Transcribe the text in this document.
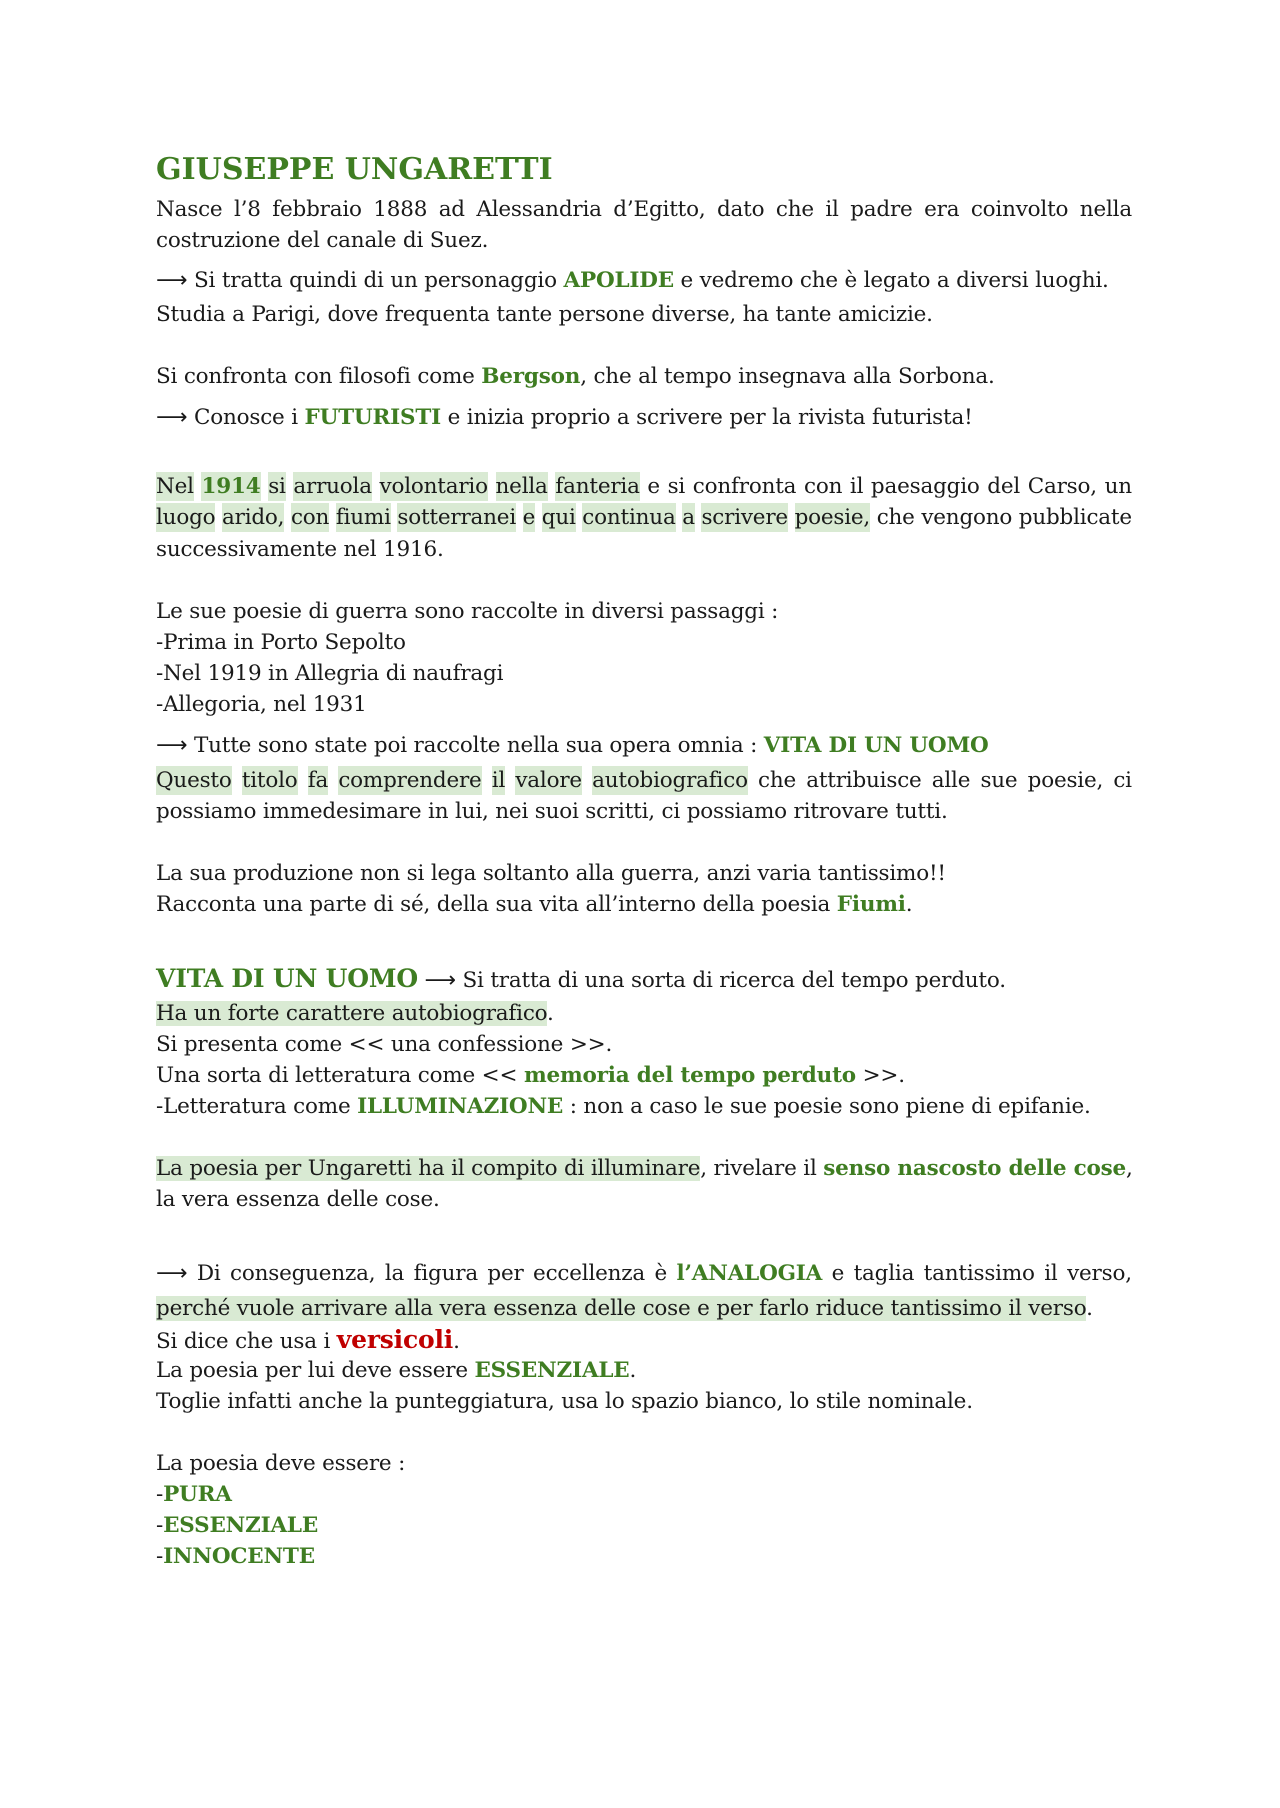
GIUSEPPE UNGARETTI
Nasce l’8 febbraio 1888 ad Alessandria d’Egitto, dato che il padre era coinvolto nella
costruzione del canale di Suez.
⟶ Si tratta quindi di un personaggio APOLIDE e vedremo che è legato a diversi luoghi.
Studia a Parigi, dove frequenta tante persone diverse, ha tante amicizie.
Si confronta con filosofi come Bergson, che al tempo insegnava alla Sorbona.
⟶ Conosce i FUTURISTI e inizia proprio a scrivere per la rivista futurista!
Nel 1914 si arruola volontario nella fanteria e si confronta con il paesaggio del Carso, un
luogo arido, con fiumi sotterranei e qui continua a scrivere poesie, che vengono pubblicate
successivamente nel 1916.
Le sue poesie di guerra sono raccolte in diversi passaggi :
-Prima in Porto Sepolto
-Nel 1919 in Allegria di naufragi
-Allegoria, nel 1931
⟶ Tutte sono state poi raccolte nella sua opera omnia : VITA DI UN UOMO
Questo titolo fa comprendere il valore autobiografico che attribuisce alle sue poesie, ci
possiamo immedesimare in lui, nei suoi scritti, ci possiamo ritrovare tutti.
La sua produzione non si lega soltanto alla guerra, anzi varia tantissimo!!
Racconta una parte di sé, della sua vita all’interno della poesia Fiumi.
VITA DI UN UOMO ⟶ Si tratta di una sorta di ricerca del tempo perduto.
Ha un forte carattere autobiografico.
Si presenta come << una confessione >>.
Una sorta di letteratura come << memoria del tempo perduto >>.
-Letteratura come ILLUMINAZIONE : non a caso le sue poesie sono piene di epifanie.
La poesia per Ungaretti ha il compito di illuminare, rivelare il senso nascosto delle cose,
la vera essenza delle cose.
⟶ Di conseguenza, la figura per eccellenza è l’ANALOGIA e taglia tantissimo il verso,
perché vuole arrivare alla vera essenza delle cose e per farlo riduce tantissimo il verso.
Si dice che usa i versicoli.
La poesia per lui deve essere ESSENZIALE.
Toglie infatti anche la punteggiatura, usa lo spazio bianco, lo stile nominale.
La poesia deve essere :
-PURA
-ESSENZIALE
-INNOCENTE
